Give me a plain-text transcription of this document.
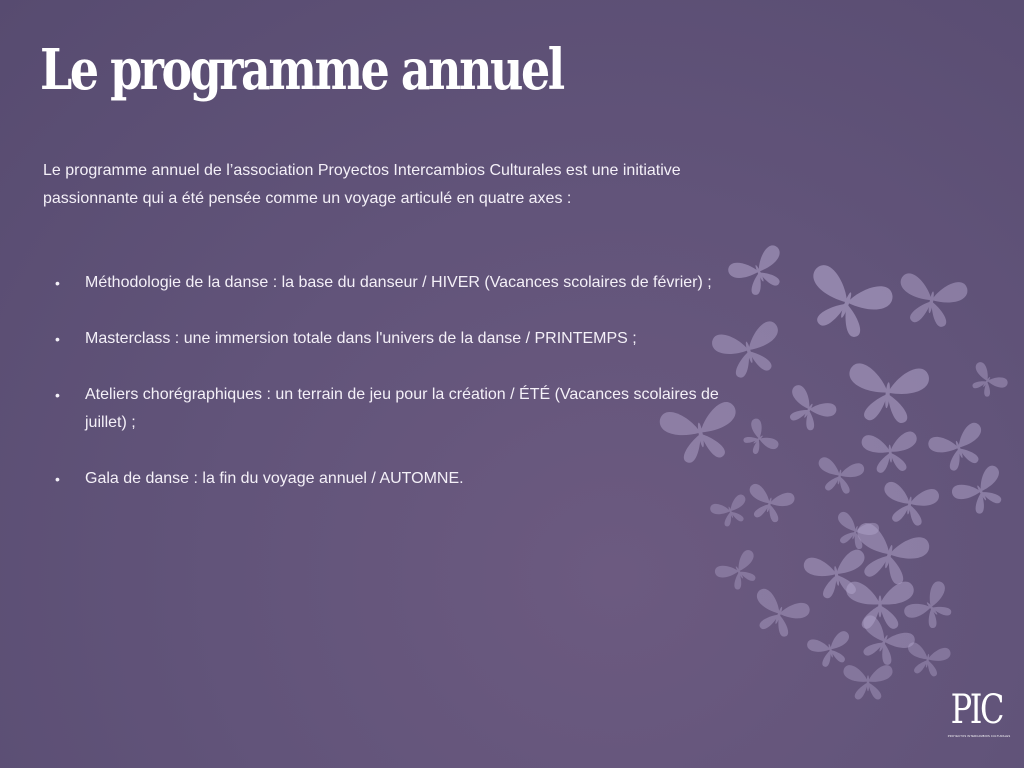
Le programme annuel

Le programme annuel de l’association Proyectos Intercambios Culturales est une initiative passionnante qui a été pensée comme un voyage articulé en quatre axes :

• Méthodologie de la danse : la base du danseur / HIVER (Vacances scolaires de février) ;
• Masterclass : une immersion totale dans l'univers de la danse / PRINTEMPS ;
• Ateliers chorégraphiques : un terrain de jeu pour la création / ÉTÉ (Vacances scolaires de juillet) ;
• Gala de danse : la fin du voyage annuel / AUTOMNE.
PIC
PROYECTOS INTERCAMBIOS CULTURALES
